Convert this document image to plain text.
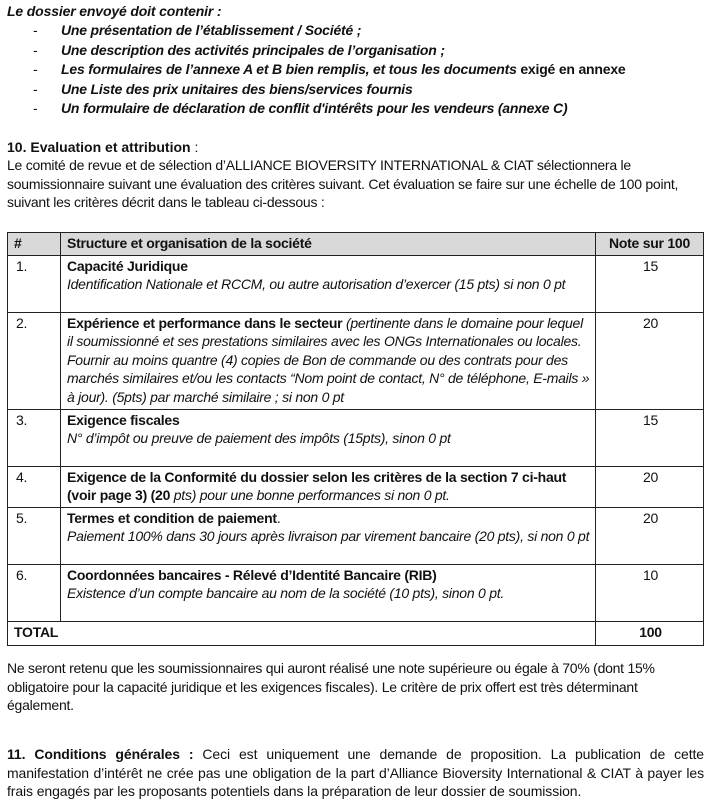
Le dossier envoyé doit contenir :
-	Une présentation de l’établissement / Société ;
-	Une description des activités principales de l’organisation ;
-	Les formulaires de l’annexe A et B bien remplis, et tous les documents exigé en annexe
-	Une Liste des prix unitaires des biens/services fournis
-	Un formulaire de déclaration de conflit d'intérêts pour les vendeurs (annexe C)
10. Evaluation et attribution :
Le comité de revue et de sélection d’ALLIANCE BIOVERSITY INTERNATIONAL & CIAT sélectionnera le soumissionnaire suivant une évaluation des critères suivant. Cet évaluation se faire sur une échelle de 100 point, suivant les critères décrit dans le tableau ci-dessous :
#	Structure et organisation de la société	Note sur 100
1.	Capacité Juridique
Identification Nationale et RCCM, ou autre autorisation d’exercer (15 pts) si non 0 pt	15
2.	Expérience et performance dans le secteur (pertinente dans le domaine pour lequel il soumissionné et ses prestations similaires avec les ONGs Internationales ou locales. Fournir au moins quantre (4) copies de Bon de commande ou des contrats pour des marchés similaires et/ou les contacts “Nom point de contact, N° de téléphone, E-mails » à jour). (5pts) par marché similaire ; si non 0 pt	20
3.	Exigence fiscales
N° d’impôt ou preuve de paiement des impôts (15pts), sinon 0 pt	15
4.	Exigence de la Conformité du dossier selon les critères de la section 7 ci-haut (voir page 3) (20 pts) pour une bonne performances si non 0 pt.	20
5.	Termes et condition de paiement.
Paiement 100% dans 30 jours après livraison par virement bancaire (20 pts), si non 0 pt	20
6.	Coordonnées bancaires - Rélevé d’Identité Bancaire (RIB)
Existence d’un compte bancaire au nom de la société (10 pts), sinon 0 pt.	10
TOTAL		100
Ne seront retenu que les soumissionnaires qui auront réalisé une note supérieure ou égale à 70% (dont 15% obligatoire pour la capacité juridique et les exigences fiscales). Le critère de prix offert est très déterminant également.
11. Conditions générales : Ceci est uniquement une demande de proposition. La publication de cette manifestation d’intérêt ne crée pas une obligation de la part d’Alliance Bioversity International & CIAT à payer les frais engagés par les proposants potentiels dans la préparation de leur dossier de soumission.
